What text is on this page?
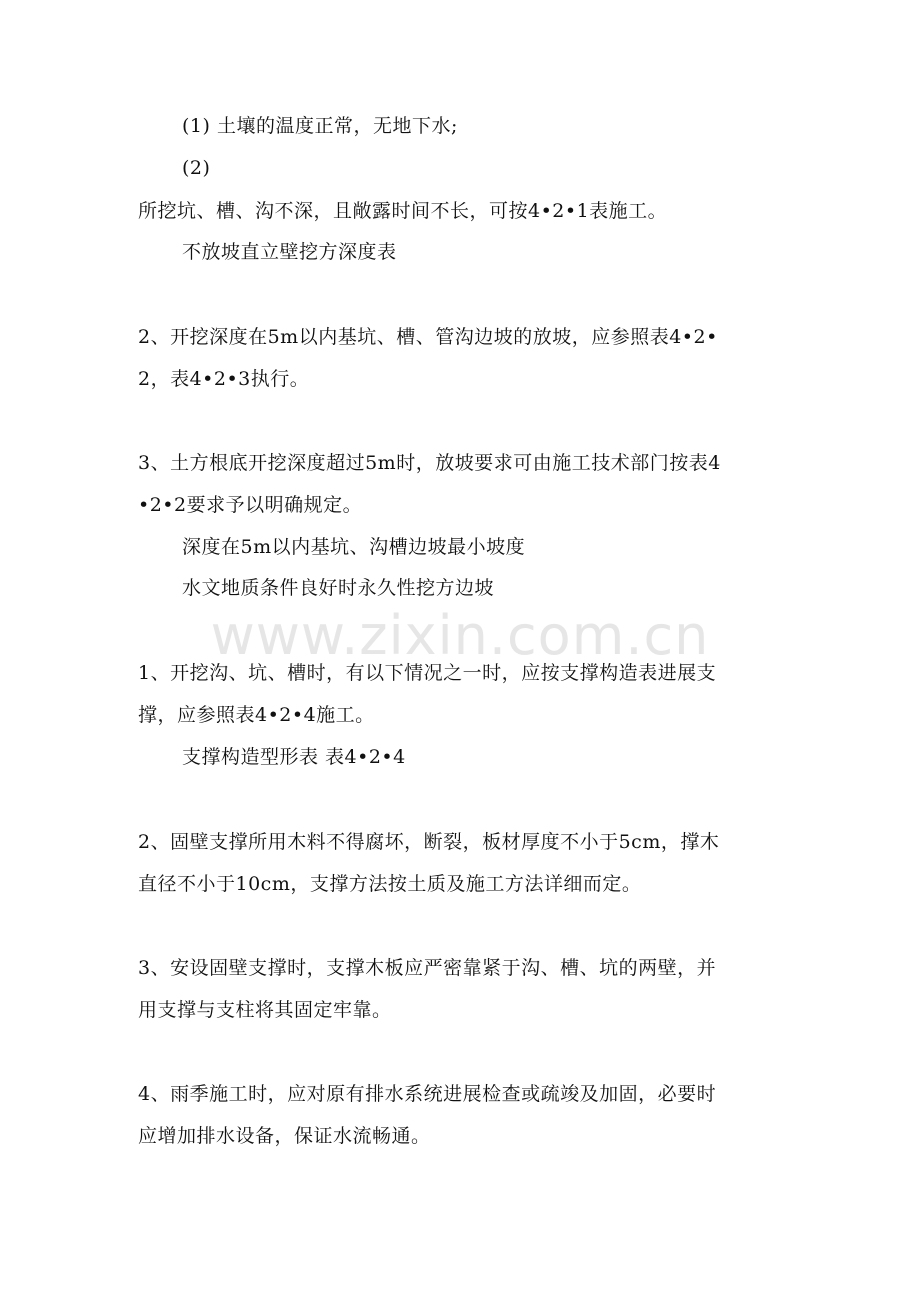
www.zixin.com.cn
(1) 土壤的温度正常，无地下水;
(2)
所挖坑、槽、沟不深，且敞露时间不长，可按4•2•1表施工。
不放坡直立壁挖方深度表
2、开挖深度在5m以内基坑、槽、管沟边坡的放坡，应参照表4•2•
2，表4•2•3执行。
3、土方根底开挖深度超过5m时，放坡要求可由施工技术部门按表4
•2•2要求予以明确规定。
深度在5m以内基坑、沟槽边坡最小坡度
水文地质条件良好时永久性挖方边坡
1、开挖沟、坑、槽时，有以下情况之一时，应按支撑构造表进展支
撑，应参照表4•2•4施工。
支撑构造型形表 表4•2•4
2、固壁支撑所用木料不得腐坏，断裂，板材厚度不小于5cm，撑木
直径不小于10cm，支撑方法按土质及施工方法详细而定。
3、安设固壁支撑时，支撑木板应严密靠紧于沟、槽、坑的两壁，并
用支撑与支柱将其固定牢靠。
4、雨季施工时，应对原有排水系统进展检查或疏竣及加固，必要时
应增加排水设备，保证水流畅通。
